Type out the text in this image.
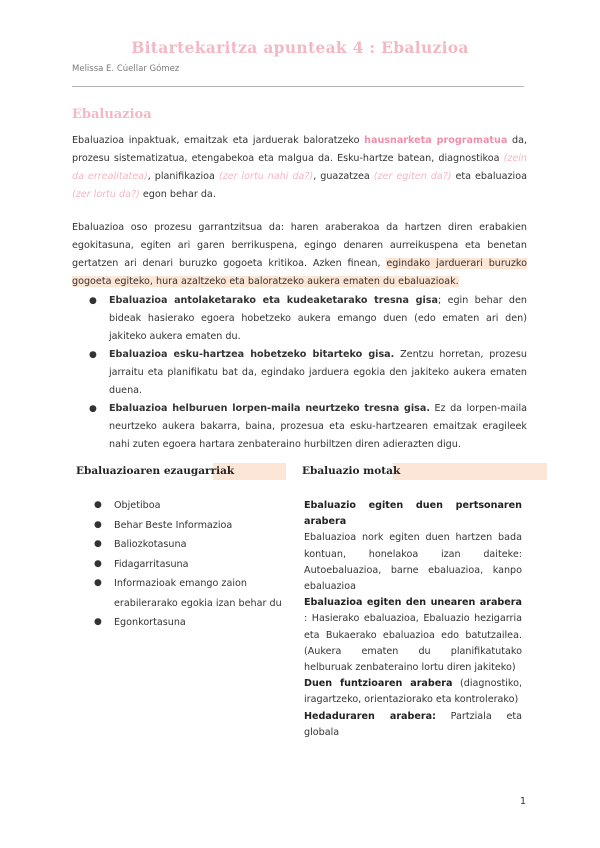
Bitartekaritza apunteak 4 : Ebaluzioa
Melissa E. Cúellar Gómez
Ebaluazioa
Ebaluazioa inpaktuak, emaitzak eta jarduerak baloratzeko hausnarketa programatua da, prozesu sistematizatua, etengabekoa eta malgua da. Esku-hartze batean, diagnostikoa (zein da errealitatea), planifikazioa (zer lortu nahi da?), guazatzea (zer egiten da?) eta ebaluazioa (zer lortu da?) egon behar da.
Ebaluazioa oso prozesu garrantzitsua da: haren araberakoa da hartzen diren erabakien egokitasuna, egiten ari garen berrikuspena, egingo denaren aurreikuspena eta benetan gertatzen ari denari buruzko gogoeta kritikoa. Azken finean, egindako jarduerari buruzko gogoeta egiteko, hura azaltzeko eta baloratzeko aukera ematen du ebaluazioak.
● Ebaluazioa antolaketarako eta kudeaketarako tresna gisa; egin behar den bideak hasierako egoera hobetzeko aukera emango duen (edo ematen ari den) jakiteko aukera ematen du.
● Ebaluazioa esku-hartzea hobetzeko bitarteko gisa. Zentzu horretan, prozesu jarraitu eta planifikatu bat da, egindako jarduera egokia den jakiteko aukera ematen duena.
● Ebaluazioa helburuen lorpen-maila neurtzeko tresna gisa. Ez da lorpen-maila neurtzeko aukera bakarra, baina, prozesua eta esku-hartzearen emaitzak eragileek nahi zuten egoera hartara zenbateraino hurbiltzen diren adierazten digu.
Ebaluazioaren ezaugarriak	Ebaluazio motak
● Objetiboa
● Behar Beste Informazioa
● Baliozkotasuna
● Fidagarritasuna
● Informazioak emango zaion erabilerarako egokia izan behar du
● Egonkortasuna
Ebaluazio egiten duen pertsonaren arabera
Ebaluazioa nork egiten duen hartzen bada kontuan, honelakoa izan daiteke: Autoebaluazioa, barne ebaluazioa, kanpo ebaluazioa
Ebaluazioa egiten den unearen arabera : Hasierako ebaluazioa, Ebaluazio hezigarria eta Bukaerako ebaluazioa edo batutzailea.(Aukera ematen du planifikatutako helburuak zenbateraino lortu diren jakiteko)
Duen funtzioaren arabera (diagnostiko, iragartzeko, orientaziorako eta kontrolerako)
Hedaduraren arabera: Partziala eta globala
1
